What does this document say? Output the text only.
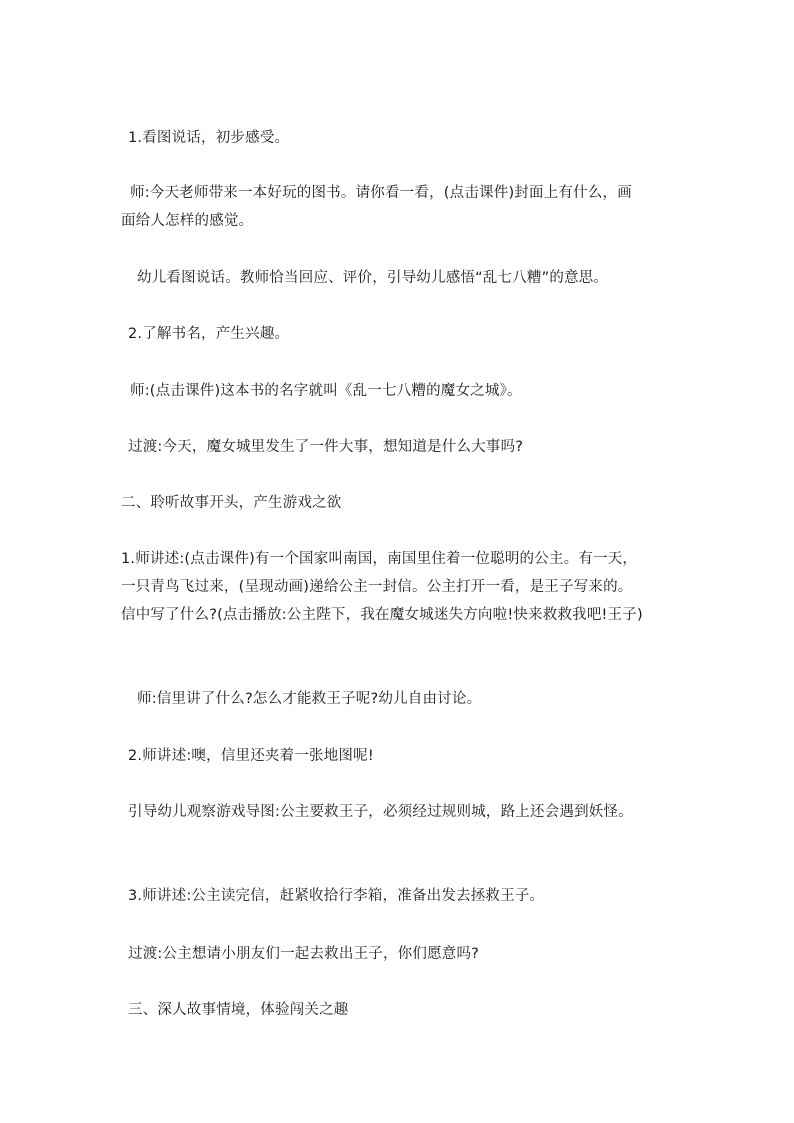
1.看图说话，初步感受。
师:今天老师带来一本好玩的图书。请你看一看，(点击课件)封面上有什么，画
面给人怎样的感觉。
幼儿看图说话。教师恰当回应、评价，引导幼儿感悟“乱七八糟”的意思。
2.了解书名，产生兴趣。
师:(点击课件)这本书的名字就叫《乱一七八糟的魔女之城》。
过渡:今天，魔女城里发生了一件大事，想知道是什么大事吗?
二、聆听故事开头，产生游戏之欲
1.师讲述:(点击课件)有一个国家叫南国，南国里住着一位聪明的公主。有一天，
一只青鸟飞过来，(呈现动画)递给公主一封信。公主打开一看，是王子写来的。
信中写了什么?(点击播放:公主陛下，我在魔女城迷失方向啦!快来救救我吧!王子)
师:信里讲了什么?怎么才能救王子呢?幼儿自由讨论。
2.师讲述:噢，信里还夹着一张地图呢!
引导幼儿观察游戏导图:公主要救王子，必须经过规则城，路上还会遇到妖怪。
3.师讲述:公主读完信，赶紧收拾行李箱，准备出发去拯救王子。
过渡:公主想请小朋友们一起去救出王子，你们愿意吗?
三、深人故事情境，体验闯关之趣
